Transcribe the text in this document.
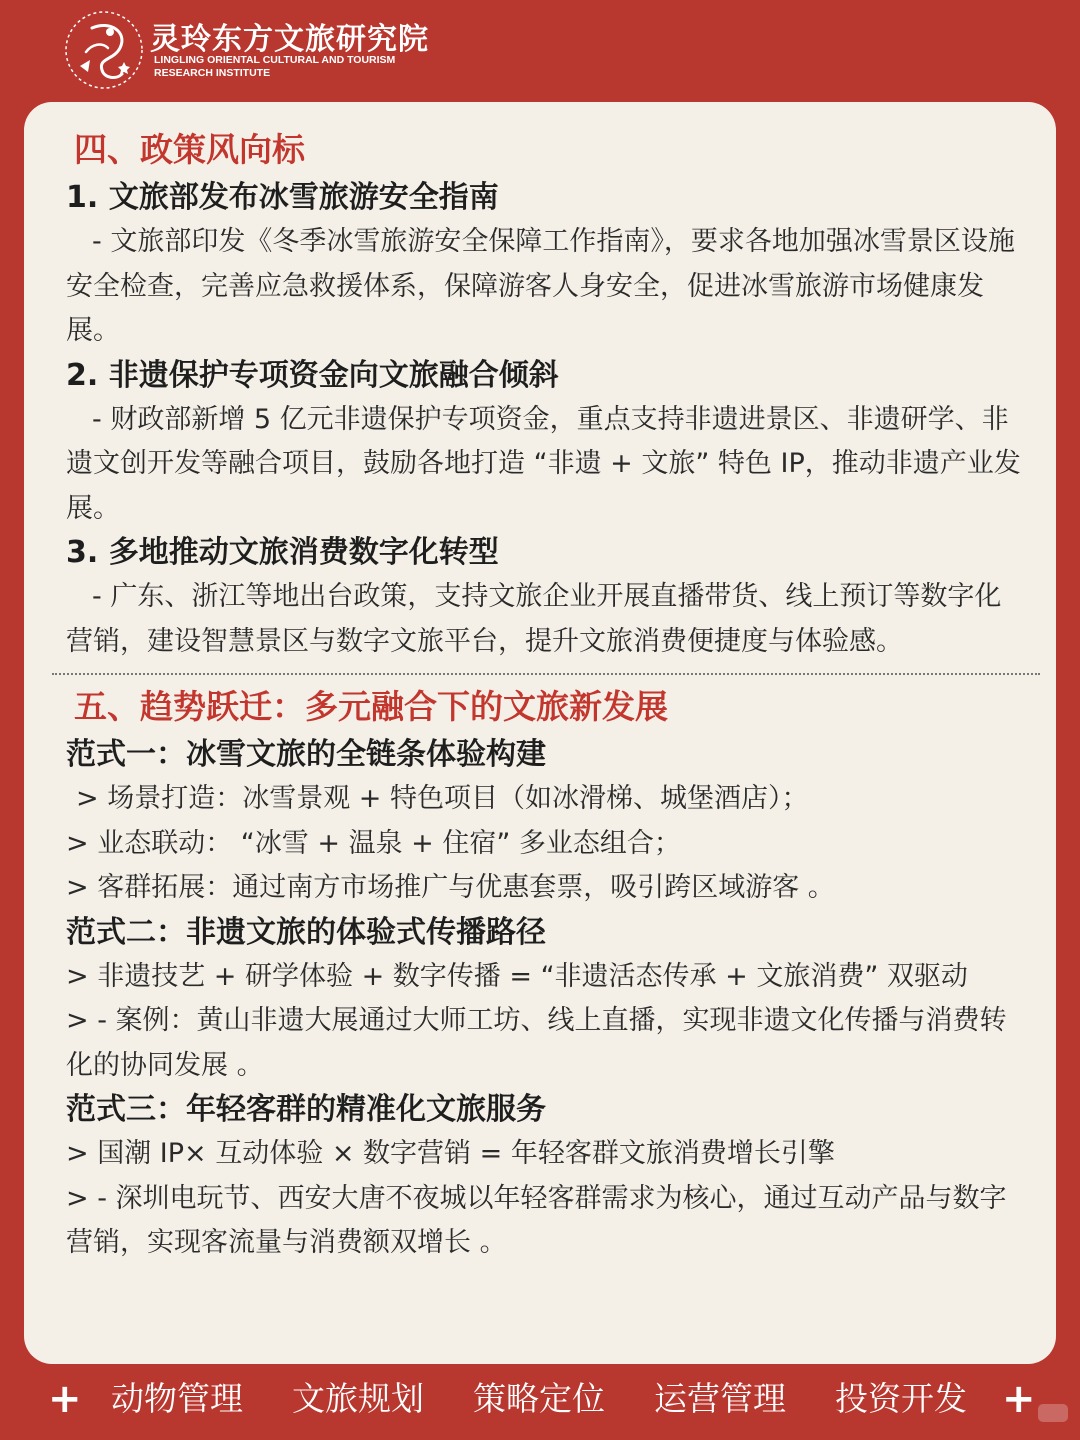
灵玲东方文旅研究院
LINGLING ORIENTAL CULTURAL AND TOURISM
RESEARCH INSTITUTE
四、政策风向标
1. 文旅部发布冰雪旅游安全指南

- 文旅部印发《冬季冰雪旅游安全保障工作指南》，要求各地加强冰雪景区设施安全检查，完善应急救援体系，保障游客人身安全，促进冰雪旅游市场健康发展。

2. 非遗保护专项资金向文旅融合倾斜

- 财政部新增 5 亿元非遗保护专项资金，重点支持非遗进景区、非遗研学、非遗文创开发等融合项目，鼓励各地打造 “非遗 + 文旅” 特色 IP，推动非遗产业发展。

3. 多地推动文旅消费数字化转型

- 广东、浙江等地出台政策，支持文旅企业开展直播带货、线上预订等数字化营销，建设智慧景区与数字文旅平台，提升文旅消费便捷度与体验感。

五、趋势跃迁：多元融合下的文旅新发展
范式一：冰雪文旅的全链条体验构建

> 场景打造：冰雪景观 + 特色项目（如冰滑梯、城堡酒店）；

> 业态联动： “冰雪 + 温泉 + 住宿” 多业态组合；

> 客群拓展：通过南方市场推广与优惠套票，吸引跨区域游客 。

范式二：非遗文旅的体验式传播路径

> 非遗技艺 + 研学体验 + 数字传播 = “非遗活态传承 + 文旅消费” 双驱动

> - 案例：黄山非遗大展通过大师工坊、线上直播，实现非遗文化传播与消费转化的协同发展 。

范式三：年轻客群的精准化文旅服务

> 国潮 IP× 互动体验 × 数字营销 = 年轻客群文旅消费增长引擎

> - 深圳电玩节、西安大唐不夜城以年轻客群需求为核心，通过互动产品与数字营销，实现客流量与消费额双增长 。

+ 动物管理 文旅规划 策略定位 运营管理 投资开发 +
